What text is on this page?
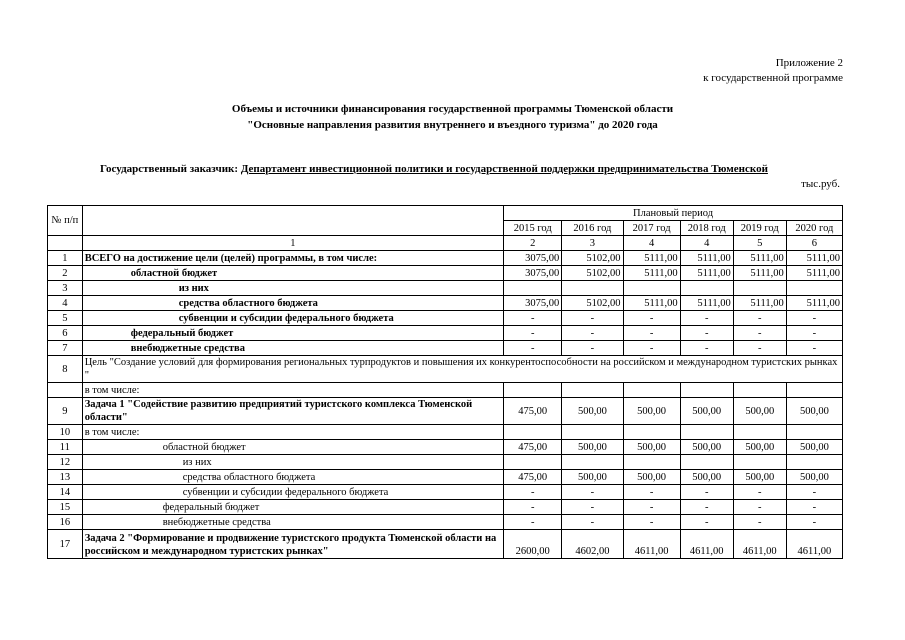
Приложение 2
к государственной программе
Объемы и источники финансирования государственной программы Тюменской области
"Основные направления развития внутреннего и въездного туризма" до 2020 года
Государственный заказчик: Департамент инвестиционной политики и государственной поддержки предпринимательства Тюменской
тыс.руб.
№ п/п		Плановый период					
		2015 год	2016 год	2017 год	2018 год	2019 год	2020 год
	1	2	3	4	4	5	6
1	ВСЕГО на достижение цели (целей) программы, в том числе:	3075,00	5102,00	5111,00	5111,00	5111,00	5111,00
2	областной бюджет	3075,00	5102,00	5111,00	5111,00	5111,00	5111,00
3	из них						
4	средства областного бюджета	3075,00	5102,00	5111,00	5111,00	5111,00	5111,00
5	субвенции и субсидии федерального бюджета	-	-	-	-	-	-
6	федеральный бюджет	-	-	-	-	-	-
7	внебюджетные средства	-	-	-	-	-	-
8	Цель "Создание условий для формирования региональных турпродуктов и повышения их конкурентоспособности на российском и международном туристских рынках "						
	в том числе:						
9	Задача 1 "Содействие развитию предприятий туристского комплекса Тюменской области"	475,00	500,00	500,00	500,00	500,00	500,00
10	в том числе:						
11	областной бюджет	475,00	500,00	500,00	500,00	500,00	500,00
12	из них						
13	средства областного бюджета	475,00	500,00	500,00	500,00	500,00	500,00
14	субвенции и субсидии федерального бюджета	-	-	-	-	-	-
15	федеральный бюджет	-	-	-	-	-	-
16	внебюджетные средства	-	-	-	-	-	-
17	Задача 2 "Формирование и продвижение туристского продукта Тюменской области на российском и международном туристских рынках"	2600,00	4602,00	4611,00	4611,00	4611,00	4611,00
